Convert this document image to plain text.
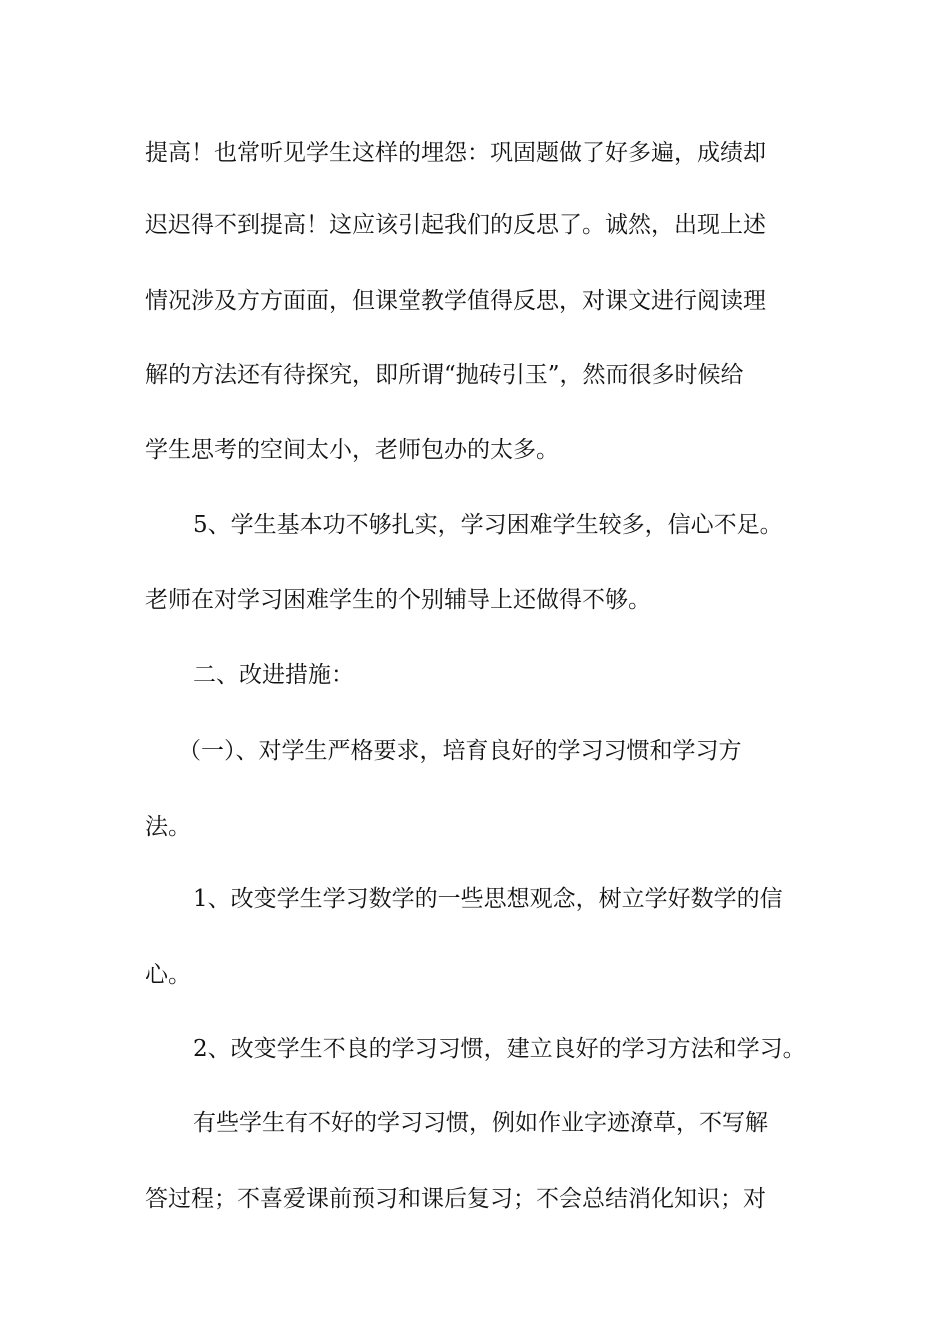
提高！也常听见学生这样的埋怨：巩固题做了好多遍，成绩却
迟迟得不到提高！这应该引起我们的反思了。诚然，出现上述
情况涉及方方面面，但课堂教学值得反思，对课文进行阅读理
解的方法还有待探究，即所谓“抛砖引玉”，然而很多时候给
学生思考的空间太小，老师包办的太多。
5、学生基本功不够扎实，学习困难学生较多，信心不足。
老师在对学习困难学生的个别辅导上还做得不够。
二、改进措施：
（一）、对学生严格要求，培育良好的学习习惯和学习方
法。
1、改变学生学习数学的一些思想观念，树立学好数学的信
心。
2、改变学生不良的学习习惯，建立良好的学习方法和学习。
有些学生有不好的学习习惯，例如作业字迹潦草，不写解
答过程；不喜爱课前预习和课后复习；不会总结消化知识；对
